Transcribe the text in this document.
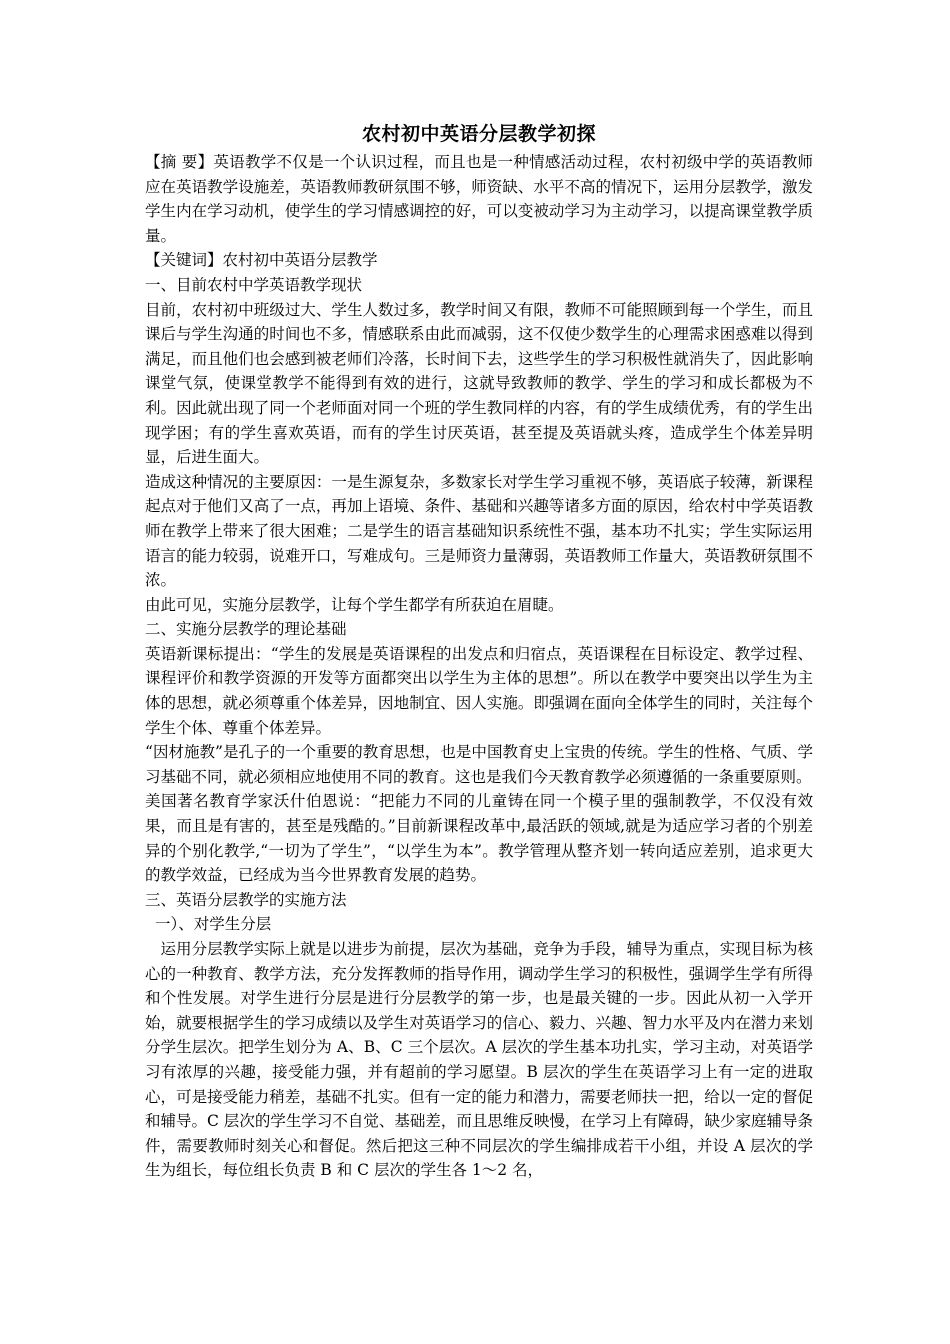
农村初中英语分层教学初探

【摘 要】英语教学不仅是一个认识过程，而且也是一种情感活动过程，农村初级中学的英语教师应在英语教学设施差，英语教师教研氛围不够，师资缺、水平不高的情况下，运用分层教学，激发学生内在学习动机，使学生的学习情感调控的好，可以变被动学习为主动学习，以提高课堂教学质量。

【关键词】农村初中英语分层教学

一、目前农村中学英语教学现状

目前，农村初中班级过大、学生人数过多，教学时间又有限，教师不可能照顾到每一个学生，而且课后与学生沟通的时间也不多，情感联系由此而减弱，这不仅使少数学生的心理需求困惑难以得到满足，而且他们也会感到被老师们冷落，长时间下去，这些学生的学习积极性就消失了，因此影响课堂气氛，使课堂教学不能得到有效的进行，这就导致教师的教学、学生的学习和成长都极为不利。因此就出现了同一个老师面对同一个班的学生教同样的内容，有的学生成绩优秀，有的学生出现学困；有的学生喜欢英语，而有的学生讨厌英语，甚至提及英语就头疼，造成学生个体差异明显，后进生面大。

造成这种情况的主要原因：一是生源复杂，多数家长对学生学习重视不够，英语底子较薄，新课程起点对于他们又高了一点，再加上语境、条件、基础和兴趣等诸多方面的原因，给农村中学英语教师在教学上带来了很大困难；二是学生的语言基础知识系统性不强，基本功不扎实；学生实际运用语言的能力较弱，说难开口，写难成句。三是师资力量薄弱，英语教师工作量大，英语教研氛围不浓。

由此可见，实施分层教学，让每个学生都学有所获迫在眉睫。

二、实施分层教学的理论基础

英语新课标提出：“学生的发展是英语课程的出发点和归宿点，英语课程在目标设定、教学过程、课程评价和教学资源的开发等方面都突出以学生为主体的思想”。所以在教学中要突出以学生为主体的思想，就必须尊重个体差异，因地制宜、因人实施。即强调在面向全体学生的同时，关注每个学生个体、尊重个体差异。

“因材施教”是孔子的一个重要的教育思想，也是中国教育史上宝贵的传统。学生的性格、气质、学习基础不同，就必须相应地使用不同的教育。这也是我们今天教育教学必须遵循的一条重要原则。

美国著名教育学家沃什伯恩说：“把能力不同的儿童铸在同一个模子里的强制教学，不仅没有效果，而且是有害的，甚至是残酷的。”目前新课程改革中,最活跃的领域,就是为适应学习者的个别差异的个别化教学,“一切为了学生”，“以学生为本”。教学管理从整齐划一转向适应差别，追求更大的教学效益，已经成为当今世界教育发展的趋势。

三、英语分层教学的实施方法

一）、对学生分层

运用分层教学实际上就是以进步为前提，层次为基础，竞争为手段，辅导为重点，实现目标为核心的一种教育、教学方法，充分发挥教师的指导作用，调动学生学习的积极性，强调学生学有所得和个性发展。对学生进行分层是进行分层教学的第一步，也是最关键的一步。因此从初一入学开始，就要根据学生的学习成绩以及学生对英语学习的信心、毅力、兴趣、智力水平及内在潜力来划分学生层次。把学生划分为 A、B、C 三个层次。A 层次的学生基本功扎实，学习主动，对英语学习有浓厚的兴趣，接受能力强，并有超前的学习愿望。B 层次的学生在英语学习上有一定的进取心，可是接受能力稍差，基础不扎实。但有一定的能力和潜力，需要老师扶一把，给以一定的督促和辅导。C 层次的学生学习不自觉、基础差，而且思维反映慢，在学习上有障碍，缺少家庭辅导条件，需要教师时刻关心和督促。然后把这三种不同层次的学生编排成若干小组，并设 A 层次的学生为组长，每位组长负责 B 和 C 层次的学生各 1～2 名，
